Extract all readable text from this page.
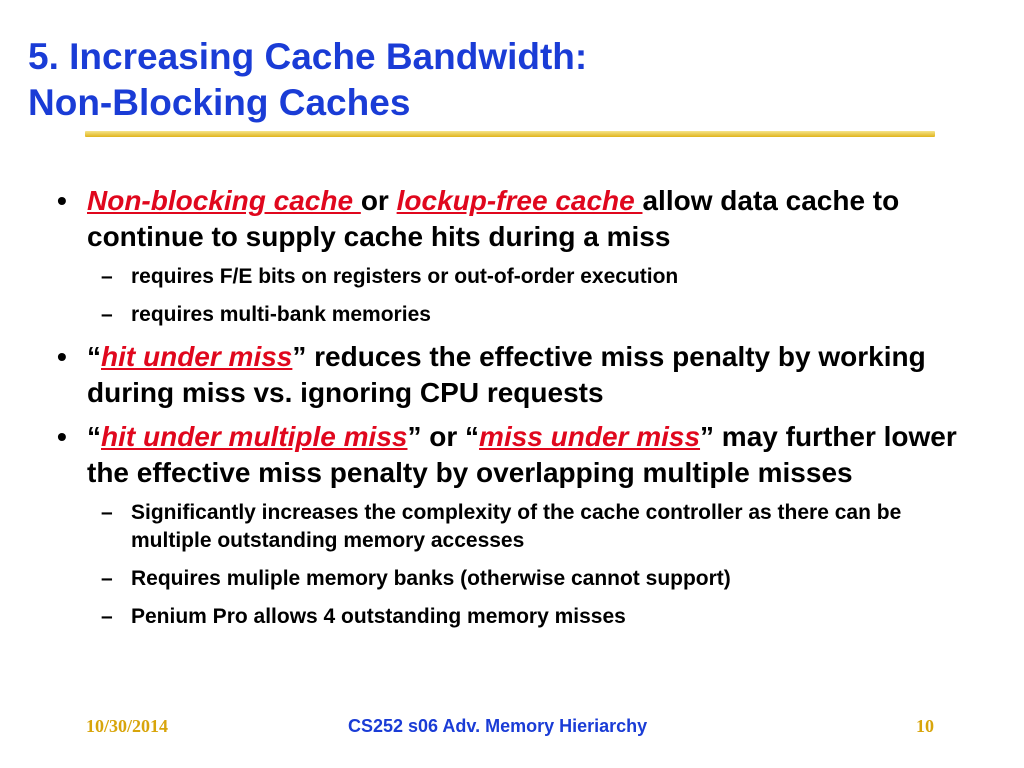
5. Increasing Cache Bandwidth:
Non-Blocking Caches
• Non-blocking cache or lockup-free cache allow data cache to continue to supply cache hits during a miss
– requires F/E bits on registers or out-of-order execution
– requires multi-bank memories
• “hit under miss” reduces the effective miss penalty by working during miss vs. ignoring CPU requests
• “hit under multiple miss” or “miss under miss” may further lower the effective miss penalty by overlapping multiple misses
– Significantly increases the complexity of the cache controller as there can be multiple outstanding memory accesses
– Requires muliple memory banks (otherwise cannot support)
– Penium Pro allows 4 outstanding memory misses
10/30/2014	CS252 s06 Adv. Memory Hieriarchy	10
